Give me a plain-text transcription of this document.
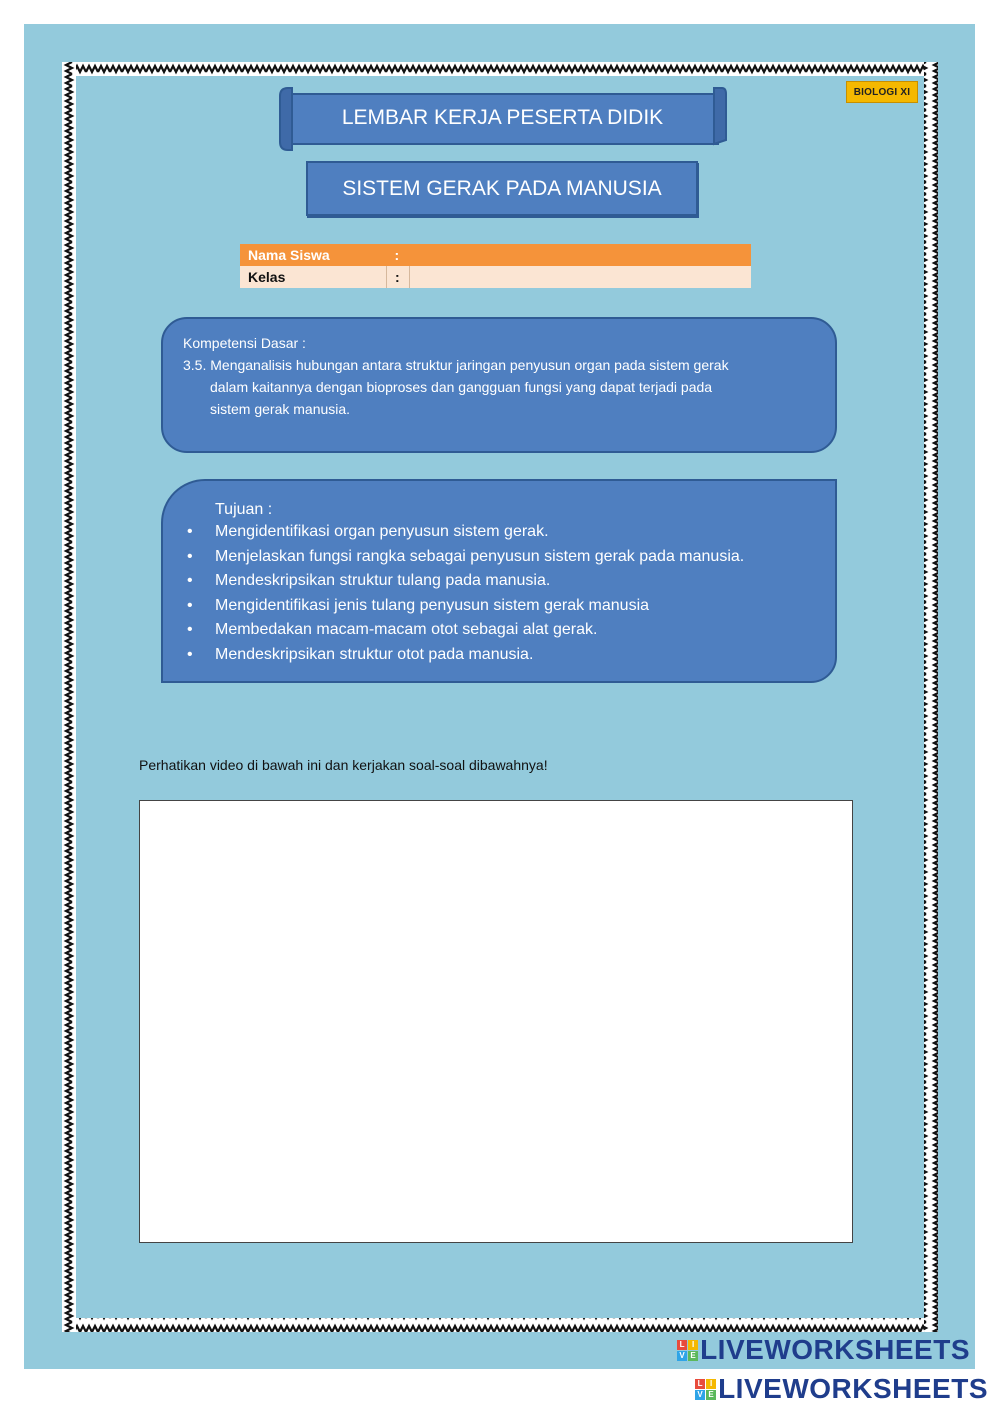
BIOLOGI XI
LEMBAR KERJA PESERTA DIDIK
SISTEM GERAK PADA MANUSIA
Nama Siswa	:	
Kelas	:	
Kompetensi Dasar :
3.5. Menganalisis hubungan antara struktur jaringan penyusun organ pada sistem gerak
dalam kaitannya dengan bioproses dan gangguan fungsi yang dapat terjadi pada
sistem gerak manusia.
Tujuan :
• Mengidentifikasi organ penyusun sistem gerak.
• Menjelaskan fungsi rangka sebagai penyusun sistem gerak pada manusia.
• Mendeskripsikan struktur tulang pada manusia.
• Mengidentifikasi jenis tulang penyusun sistem gerak manusia
• Membedakan macam-macam otot sebagai alat gerak.
• Mendeskripsikan struktur otot pada manusia.
Perhatikan video di bawah ini dan kerjakan soal-soal dibawahnya!
L I
V E LIVEWORKSHEETS
L I
V E LIVEWORKSHEETS
